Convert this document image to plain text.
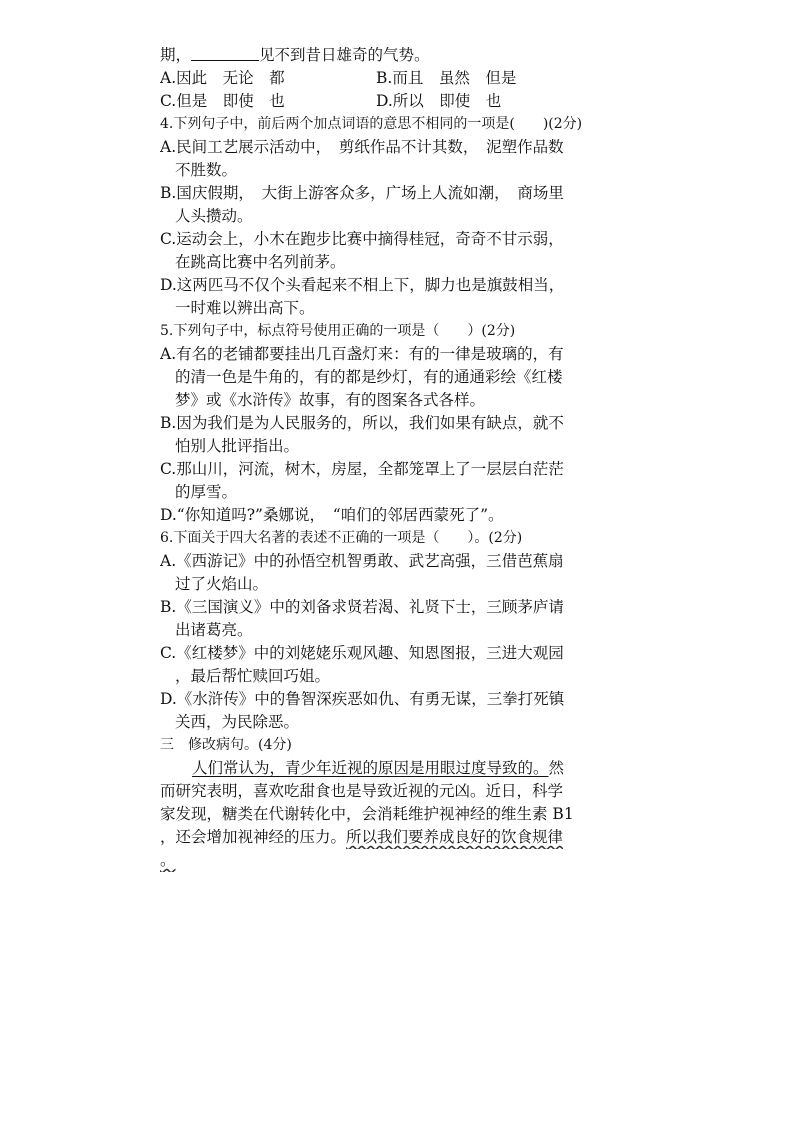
期，	见不到昔日雄奇的气势。
A.因此　无论　都	B.而且　虽然　但是
C.但是　即使　也	D.所以　即使　也
4.下列句子中，前后两个加点词语的意思不相同的一项是(　　)(2分)
A.民间工艺展示活动中，　剪纸作品不计其数，　泥塑作品数
不胜数。
B.国庆假期，　大街上游客众多，广场上人流如潮，　商场里
人头攒动。
C.运动会上，小木在跑步比赛中摘得桂冠，奇奇不甘示弱，
在跳高比赛中名列前茅。
D.这两匹马不仅个头看起来不相上下，脚力也是旗鼓相当，
一时难以辨出高下。
5.下列句子中，标点符号使用正确的一项是（　　）(2分)
A.有名的老铺都要挂出几百盏灯来：有的一律是玻璃的，有
的清一色是牛角的，有的都是纱灯，有的通通彩绘《红楼
梦》或《水浒传》故事，有的图案各式各样。
B.因为我们是为人民服务的，所以，我们如果有缺点，就不
怕别人批评指出。
C.那山川，河流，树木，房屋，全都笼罩上了一层层白茫茫
的厚雪。
D.“你知道吗?”桑娜说，　“咱们的邻居西蒙死了”。
6.下面关于四大名著的表述不正确的一项是（　　）。(2分)
A.《西游记》中的孙悟空机智勇敢、武艺高强，三借芭蕉扇
过了火焰山。
B.《三国演义》中的刘备求贤若渴、礼贤下士，三顾茅庐请
出诸葛亮。
C.《红楼梦》中的刘姥姥乐观风趣、知恩图报，三进大观园
，最后帮忙赎回巧姐。
D.《水浒传》中的鲁智深疾恶如仇、有勇无谋，三拳打死镇
关西，为民除恶。
三　修改病句。(4分)
人们常认为，青少年近视的原因是用眼过度导致的。然
而研究表明，喜欢吃甜食也是导致近视的元凶。近日，科学
家发现，糖类在代谢转化中，会消耗维护视神经的维生素 B1
，还会增加视神经的压力。所以我们要养成良好的饮食规律
。
